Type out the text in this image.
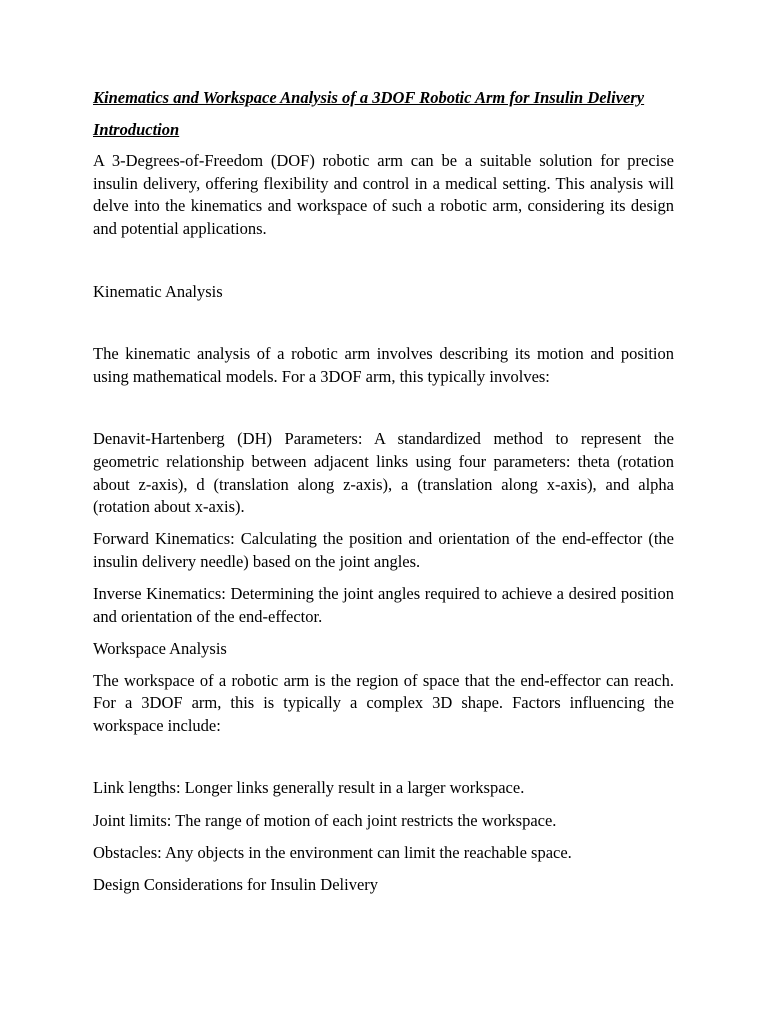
Kinematics and Workspace Analysis of a 3DOF Robotic Arm for Insulin Delivery

Introduction

A 3-Degrees-of-Freedom (DOF) robotic arm can be a suitable solution for precise insulin delivery, offering flexibility and control in a medical setting. This analysis will delve into the kinematics and workspace of such a robotic arm, considering its design and potential applications.

Kinematic Analysis

The kinematic analysis of a robotic arm involves describing its motion and position using mathematical models. For a 3DOF arm, this typically involves:

Denavit-Hartenberg (DH) Parameters: A standardized method to represent the geometric relationship between adjacent links using four parameters: theta (rotation about z-axis), d (translation along z-axis), a (translation along x-axis), and alpha (rotation about x-axis).

Forward Kinematics: Calculating the position and orientation of the end-effector (the insulin delivery needle) based on the joint angles.

Inverse Kinematics: Determining the joint angles required to achieve a desired position and orientation of the end-effector.

Workspace Analysis

The workspace of a robotic arm is the region of space that the end-effector can reach. For a 3DOF arm, this is typically a complex 3D shape. Factors influencing the workspace include:

Link lengths: Longer links generally result in a larger workspace.

Joint limits: The range of motion of each joint restricts the workspace.

Obstacles: Any objects in the environment can limit the reachable space.

Design Considerations for Insulin Delivery
